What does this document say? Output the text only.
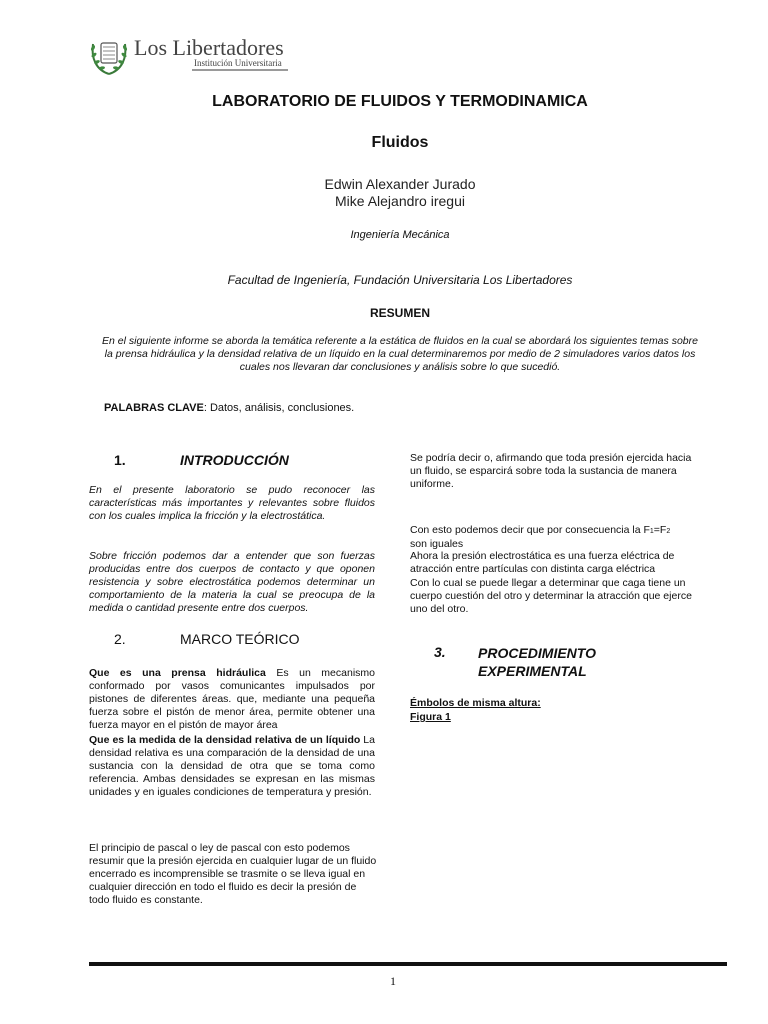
Los Libertadores
Institución Universitaria
LABORATORIO DE FLUIDOS Y TERMODINAMICA
Fluidos
Edwin Alexander Jurado
Mike Alejandro iregui
Ingeniería Mecánica
Facultad de Ingeniería, Fundación Universitaria Los Libertadores
RESUMEN
En el siguiente informe se aborda la temática referente a la estática de fluidos en la cual se abordará los siguientes temas sobre la prensa hidráulica y la densidad relativa de un líquido en la cual determinaremos por medio de 2 simuladores varios datos los cuales nos llevaran dar conclusiones y análisis sobre lo que sucedió.
PALABRAS CLAVE: Datos, análisis, conclusiones.
1.	INTRODUCCIÓN
En el presente laboratorio se pudo reconocer las características más importantes y relevantes sobre fluidos con los cuales implica la fricción y la electrostática.
Sobre fricción podemos dar a entender que son fuerzas producidas entre dos cuerpos de contacto y que oponen resistencia y sobre electrostática podemos determinar un comportamiento de la materia la cual se preocupa de la medida o cantidad presente entre dos cuerpos.
2.	MARCO TEÓRICO
Que es una prensa hidráulica Es un mecanismo conformado por vasos comunicantes impulsados por pistones de diferentes áreas. que, mediante una pequeña fuerza sobre el pistón de menor área, permite obtener una fuerza mayor en el pistón de mayor área
Que es la medida de la densidad relativa de un líquido La densidad relativa es una comparación de la densidad de una sustancia con la densidad de otra que se toma como referencia. Ambas densidades se expresan en las mismas unidades y en iguales condiciones de temperatura y presión.
El principio de pascal o ley de pascal con esto podemos resumir que la presión ejercida en cualquier lugar de un fluido encerrado es incomprensible se trasmite o se lleva igual en cualquier dirección en todo el fluido es decir la presión de todo fluido es constante.
Se podría decir o, afirmando que toda presión ejercida hacia un fluido, se esparcirá sobre toda la sustancia de manera uniforme.
Con esto podemos decir que por consecuencia la F1=F2
son iguales
Ahora la presión electrostática es una fuerza eléctrica de atracción entre partículas con distinta carga eléctrica
Con lo cual se puede llegar a determinar que caga tiene un cuerpo cuestión del otro y determinar la atracción que ejerce uno del otro.
3.	PROCEDIMIENTO
EXPERIMENTAL
Émbolos de misma altura:
Figura 1
1
